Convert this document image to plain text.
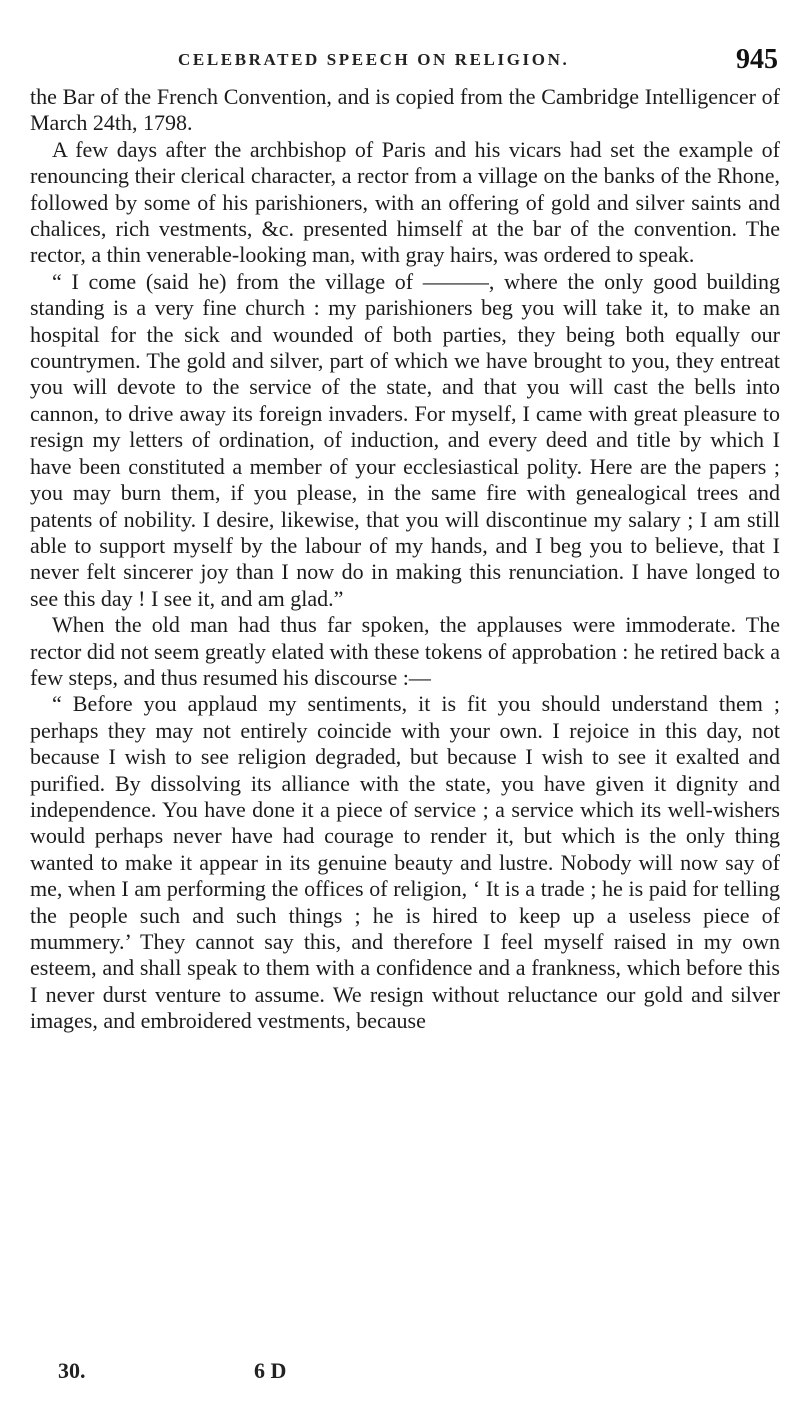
CELEBRATED SPEECH ON RELIGION.	945

the Bar of the French Convention, and is copied from the Cambridge Intelligencer of March 24th, 1798.

A few days after the archbishop of Paris and his vicars had set the example of renouncing their clerical character, a rector from a village on the banks of the Rhone, followed by some of his parishioners, with an offering of gold and silver saints and chalices, rich vestments, &c. presented himself at the bar of the convention. The rector, a thin venerable-looking man, with gray hairs, was ordered to speak.

“ I come (said he) from the village of ———, where the only good building standing is a very fine church : my parishioners beg you will take it, to make an hospital for the sick and wounded of both parties, they being both equally our countrymen. The gold and silver, part of which we have brought to you, they entreat you will devote to the service of the state, and that you will cast the bells into cannon, to drive away its foreign invaders. For myself, I came with great pleasure to resign my letters of ordination, of induction, and every deed and title by which I have been constituted a member of your ecclesiastical polity. Here are the papers ; you may burn them, if you please, in the same fire with genealogical trees and patents of nobility. I desire, likewise, that you will discontinue my salary ; I am still able to support myself by the labour of my hands, and I beg you to believe, that I never felt sincerer joy than I now do in making this renunciation. I have longed to see this day ! I see it, and am glad.”

When the old man had thus far spoken, the applauses were immoderate. The rector did not seem greatly elated with these tokens of approbation : he retired back a few steps, and thus resumed his discourse :—

“ Before you applaud my sentiments, it is fit you should understand them ; perhaps they may not entirely coincide with your own. I rejoice in this day, not because I wish to see religion degraded, but because I wish to see it exalted and purified. By dissolving its alliance with the state, you have given it dignity and independence. You have done it a piece of service ; a service which its well-wishers would perhaps never have had courage to render it, but which is the only thing wanted to make it appear in its genuine beauty and lustre. Nobody will now say of me, when I am performing the offices of religion, ‘ It is a trade ; he is paid for telling the people such and such things ; he is hired to keep up a useless piece of mummery.’ They cannot say this, and therefore I feel myself raised in my own esteem, and shall speak to them with a confidence and a frankness, which before this I never durst venture to assume. We resign without reluctance our gold and silver images, and embroidered vestments, because

30.	6 D
